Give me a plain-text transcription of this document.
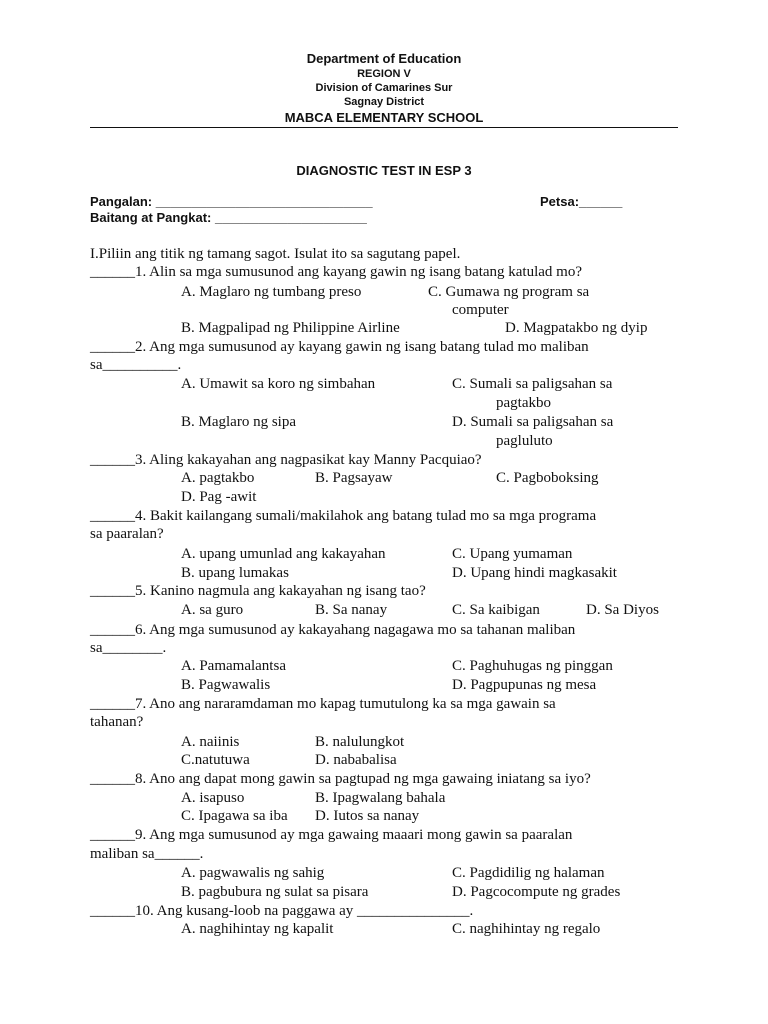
Department of Education
REGION V
Division of Camarines Sur
Sagnay District
MABCA ELEMENTARY SCHOOL
DIAGNOSTIC TEST IN ESP 3
Pangalan: ______________________________	Petsa:______
Baitang at Pangkat: _____________________
I.Piliin ang titik ng tamang sagot. Isulat ito sa sagutang papel.
______1. Alin sa mga sumusunod ang kayang gawin ng isang batang katulad mo?
A. Maglaro ng tumbang preso	C. Gumawa ng program sa
computer
B. Magpalipad ng Philippine Airline	D. Magpatakbo ng dyip
______2. Ang mga sumusunod ay kayang gawin ng isang batang tulad mo maliban
sa__________.
A. Umawit sa koro ng simbahan	C. Sumali sa paligsahan sa
pagtakbo
B. Maglaro ng sipa	D. Sumali sa paligsahan sa
pagluluto
______3. Aling kakayahan ang nagpasikat kay Manny Pacquiao?
A. pagtakbo	B. Pagsayaw	C. Pagboboksing
D. Pag -awit
______4. Bakit kailangang sumali/makilahok ang batang tulad mo sa mga programa
sa paaralan?
A. upang umunlad ang kakayahan	C. Upang yumaman
B. upang lumakas	D. Upang hindi magkasakit
______5. Kanino nagmula ang kakayahan ng isang tao?
A. sa guro	B. Sa nanay	C. Sa kaibigan	D. Sa Diyos
______6. Ang mga sumusunod ay kakayahang nagagawa mo sa tahanan maliban
sa________.
A. Pamamalantsa	C. Paghuhugas ng pinggan
B. Pagwawalis	D. Pagpupunas ng mesa
______7. Ano ang nararamdaman mo kapag tumutulong ka sa mga gawain sa
tahanan?
A. naiinis	B. nalulungkot
C.natutuwa	D. nababalisa
______8. Ano ang dapat mong gawin sa pagtupad ng mga gawaing iniatang sa iyo?
A. isapuso	B. Ipagwalang bahala
C. Ipagawa sa iba D. Iutos sa nanay
______9. Ang mga sumusunod ay mga gawaing maaari mong gawin sa paaralan
maliban sa______.
A. pagwawalis ng sahig	C. Pagdidilig ng halaman
B. pagbubura ng sulat sa pisara	D. Pagcocompute ng grades
______10. Ang kusang-loob na paggawa ay _______________.
A. naghihintay ng kapalit	C. naghihintay ng regalo
